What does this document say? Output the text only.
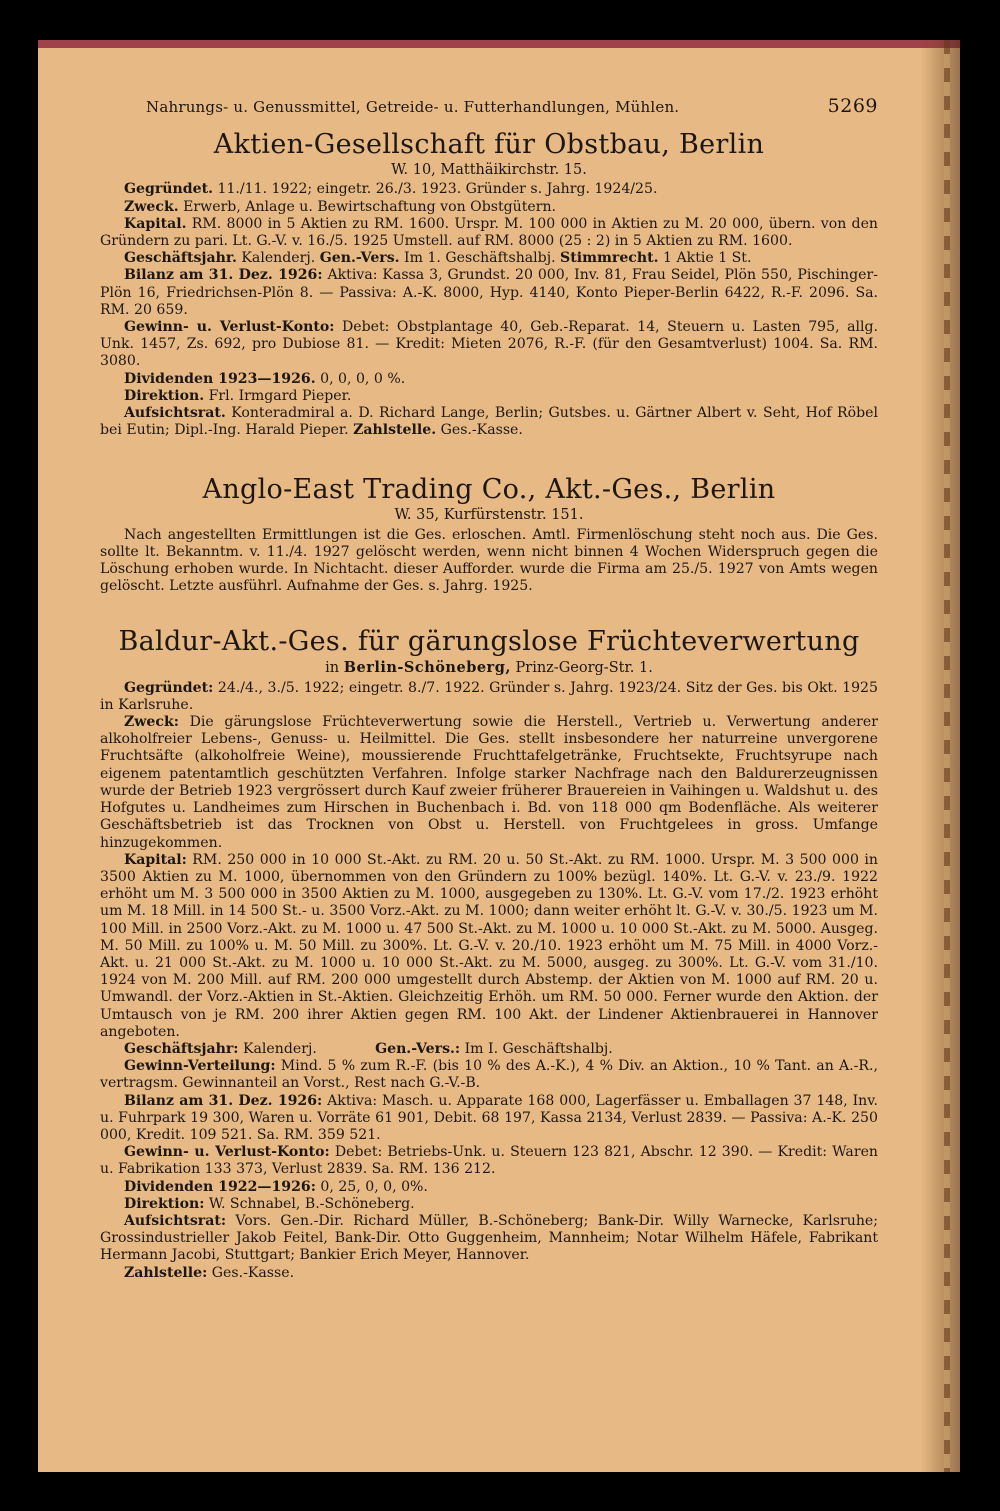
Nahrungs- u. Genussmittel, Getreide- u. Futterhandlungen, Mühlen.	5269
Aktien-Gesellschaft für Obstbau, Berlin
W. 10, Matthäikirchstr. 15.

Gegründet. 11./11. 1922; eingetr. 26./3. 1923. Gründer s. Jahrg. 1924/25.

Zweck. Erwerb, Anlage u. Bewirtschaftung von Obstgütern.

Kapital. RM. 8000 in 5 Aktien zu RM. 1600. Urspr. M. 100 000 in Aktien zu M. 20 000, übern. von den Gründern zu pari. Lt. G.-V. v. 16./5. 1925 Umstell. auf RM. 8000 (25 : 2) in 5 Aktien zu RM. 1600.

Geschäftsjahr. Kalenderj. Gen.-Vers. Im 1. Geschäftshalbj. Stimmrecht. 1 Aktie 1 St.

Bilanz am 31. Dez. 1926: Aktiva: Kassa 3, Grundst. 20 000, Inv. 81, Frau Seidel, Plön 550, Pischinger-Plön 16, Friedrichsen-Plön 8. — Passiva: A.-K. 8000, Hyp. 4140, Konto Pieper-Berlin 6422, R.-F. 2096. Sa. RM. 20 659.

Gewinn- u. Verlust-Konto: Debet: Obstplantage 40, Geb.-Reparat. 14, Steuern u. Lasten 795, allg. Unk. 1457, Zs. 692, pro Dubiose 81. — Kredit: Mieten 2076, R.-F. (für den Gesamtverlust) 1004. Sa. RM. 3080.

Dividenden 1923—1926. 0, 0, 0, 0 %.

Direktion. Frl. Irmgard Pieper.

Aufsichtsrat. Konteradmiral a. D. Richard Lange, Berlin; Gutsbes. u. Gärtner Albert v. Seht, Hof Röbel bei Eutin; Dipl.-Ing. Harald Pieper. Zahlstelle. Ges.-Kasse.

Anglo-East Trading Co., Akt.-Ges., Berlin
W. 35, Kurfürstenstr. 151.

Nach angestellten Ermittlungen ist die Ges. erloschen. Amtl. Firmenlöschung steht noch aus. Die Ges. sollte lt. Bekanntm. v. 11./4. 1927 gelöscht werden, wenn nicht binnen 4 Wochen Widerspruch gegen die Löschung erhoben wurde. In Nichtacht. dieser Aufforder. wurde die Firma am 25./5. 1927 von Amts wegen gelöscht. Letzte ausführl. Aufnahme der Ges. s. Jahrg. 1925.

Baldur-Akt.-Ges. für gärungslose Früchteverwertung
in Berlin-Schöneberg, Prinz-Georg-Str. 1.

Gegründet: 24./4., 3./5. 1922; eingetr. 8./7. 1922. Gründer s. Jahrg. 1923/24. Sitz der Ges. bis Okt. 1925 in Karlsruhe.

Zweck: Die gärungslose Früchteverwertung sowie die Herstell., Vertrieb u. Verwertung anderer alkoholfreier Lebens-, Genuss- u. Heilmittel. Die Ges. stellt insbesondere her naturreine unvergorene Fruchtsäfte (alkoholfreie Weine), moussierende Fruchttafelgetränke, Fruchtsekte, Fruchtsyrupe nach eigenem patentamtlich geschützten Verfahren. Infolge starker Nachfrage nach den Baldurerzeugnissen wurde der Betrieb 1923 vergrössert durch Kauf zweier früherer Brauereien in Vaihingen u. Waldshut u. des Hofgutes u. Landheimes zum Hirschen in Buchenbach i. Bd. von 118 000 qm Bodenfläche. Als weiterer Geschäftsbetrieb ist das Trocknen von Obst u. Herstell. von Fruchtgelees in gross. Umfange hinzugekommen.

Kapital: RM. 250 000 in 10 000 St.-Akt. zu RM. 20 u. 50 St.-Akt. zu RM. 1000. Urspr. M. 3 500 000 in 3500 Aktien zu M. 1000, übernommen von den Gründern zu 100% bezügl. 140%. Lt. G.-V. v. 23./9. 1922 erhöht um M. 3 500 000 in 3500 Aktien zu M. 1000, ausgegeben zu 130%. Lt. G.-V. vom 17./2. 1923 erhöht um M. 18 Mill. in 14 500 St.- u. 3500 Vorz.-Akt. zu M. 1000; dann weiter erhöht lt. G.-V. v. 30./5. 1923 um M. 100 Mill. in 2500 Vorz.-Akt. zu M. 1000 u. 47 500 St.-Akt. zu M. 1000 u. 10 000 St.-Akt. zu M. 5000. Ausgeg. M. 50 Mill. zu 100% u. M. 50 Mill. zu 300%. Lt. G.-V. v. 20./10. 1923 erhöht um M. 75 Mill. in 4000 Vorz.-Akt. u. 21 000 St.-Akt. zu M. 1000 u. 10 000 St.-Akt. zu M. 5000, ausgeg. zu 300%. Lt. G.-V. vom 31./10. 1924 von M. 200 Mill. auf RM. 200 000 umgestellt durch Abstemp. der Aktien von M. 1000 auf RM. 20 u. Umwandl. der Vorz.-Aktien in St.-Aktien. Gleichzeitig Erhöh. um RM. 50 000. Ferner wurde den Aktion. der Umtausch von je RM. 200 ihrer Aktien gegen RM. 100 Akt. der Lindener Aktienbrauerei in Hannover angeboten.

Geschäftsjahr: Kalenderj.	Gen.-Vers.: Im I. Geschäftshalbj.

Gewinn-Verteilung: Mind. 5 % zum R.-F. (bis 10 % des A.-K.), 4 % Div. an Aktion., 10 % Tant. an A.-R., vertragsm. Gewinnanteil an Vorst., Rest nach G.-V.-B.

Bilanz am 31. Dez. 1926: Aktiva: Masch. u. Apparate 168 000, Lagerfässer u. Emballagen 37 148, Inv. u. Fuhrpark 19 300, Waren u. Vorräte 61 901, Debit. 68 197, Kassa 2134, Verlust 2839. — Passiva: A.-K. 250 000, Kredit. 109 521. Sa. RM. 359 521.

Gewinn- u. Verlust-Konto: Debet: Betriebs-Unk. u. Steuern 123 821, Abschr. 12 390. — Kredit: Waren u. Fabrikation 133 373, Verlust 2839. Sa. RM. 136 212.

Dividenden 1922—1926: 0, 25, 0, 0, 0%.

Direktion: W. Schnabel, B.-Schöneberg.

Aufsichtsrat: Vors. Gen.-Dir. Richard Müller, B.-Schöneberg; Bank-Dir. Willy Warnecke, Karlsruhe; Grossindustrieller Jakob Feitel, Bank-Dir. Otto Guggenheim, Mannheim; Notar Wilhelm Häfele, Fabrikant Hermann Jacobi, Stuttgart; Bankier Erich Meyer, Hannover.

Zahlstelle: Ges.-Kasse.
